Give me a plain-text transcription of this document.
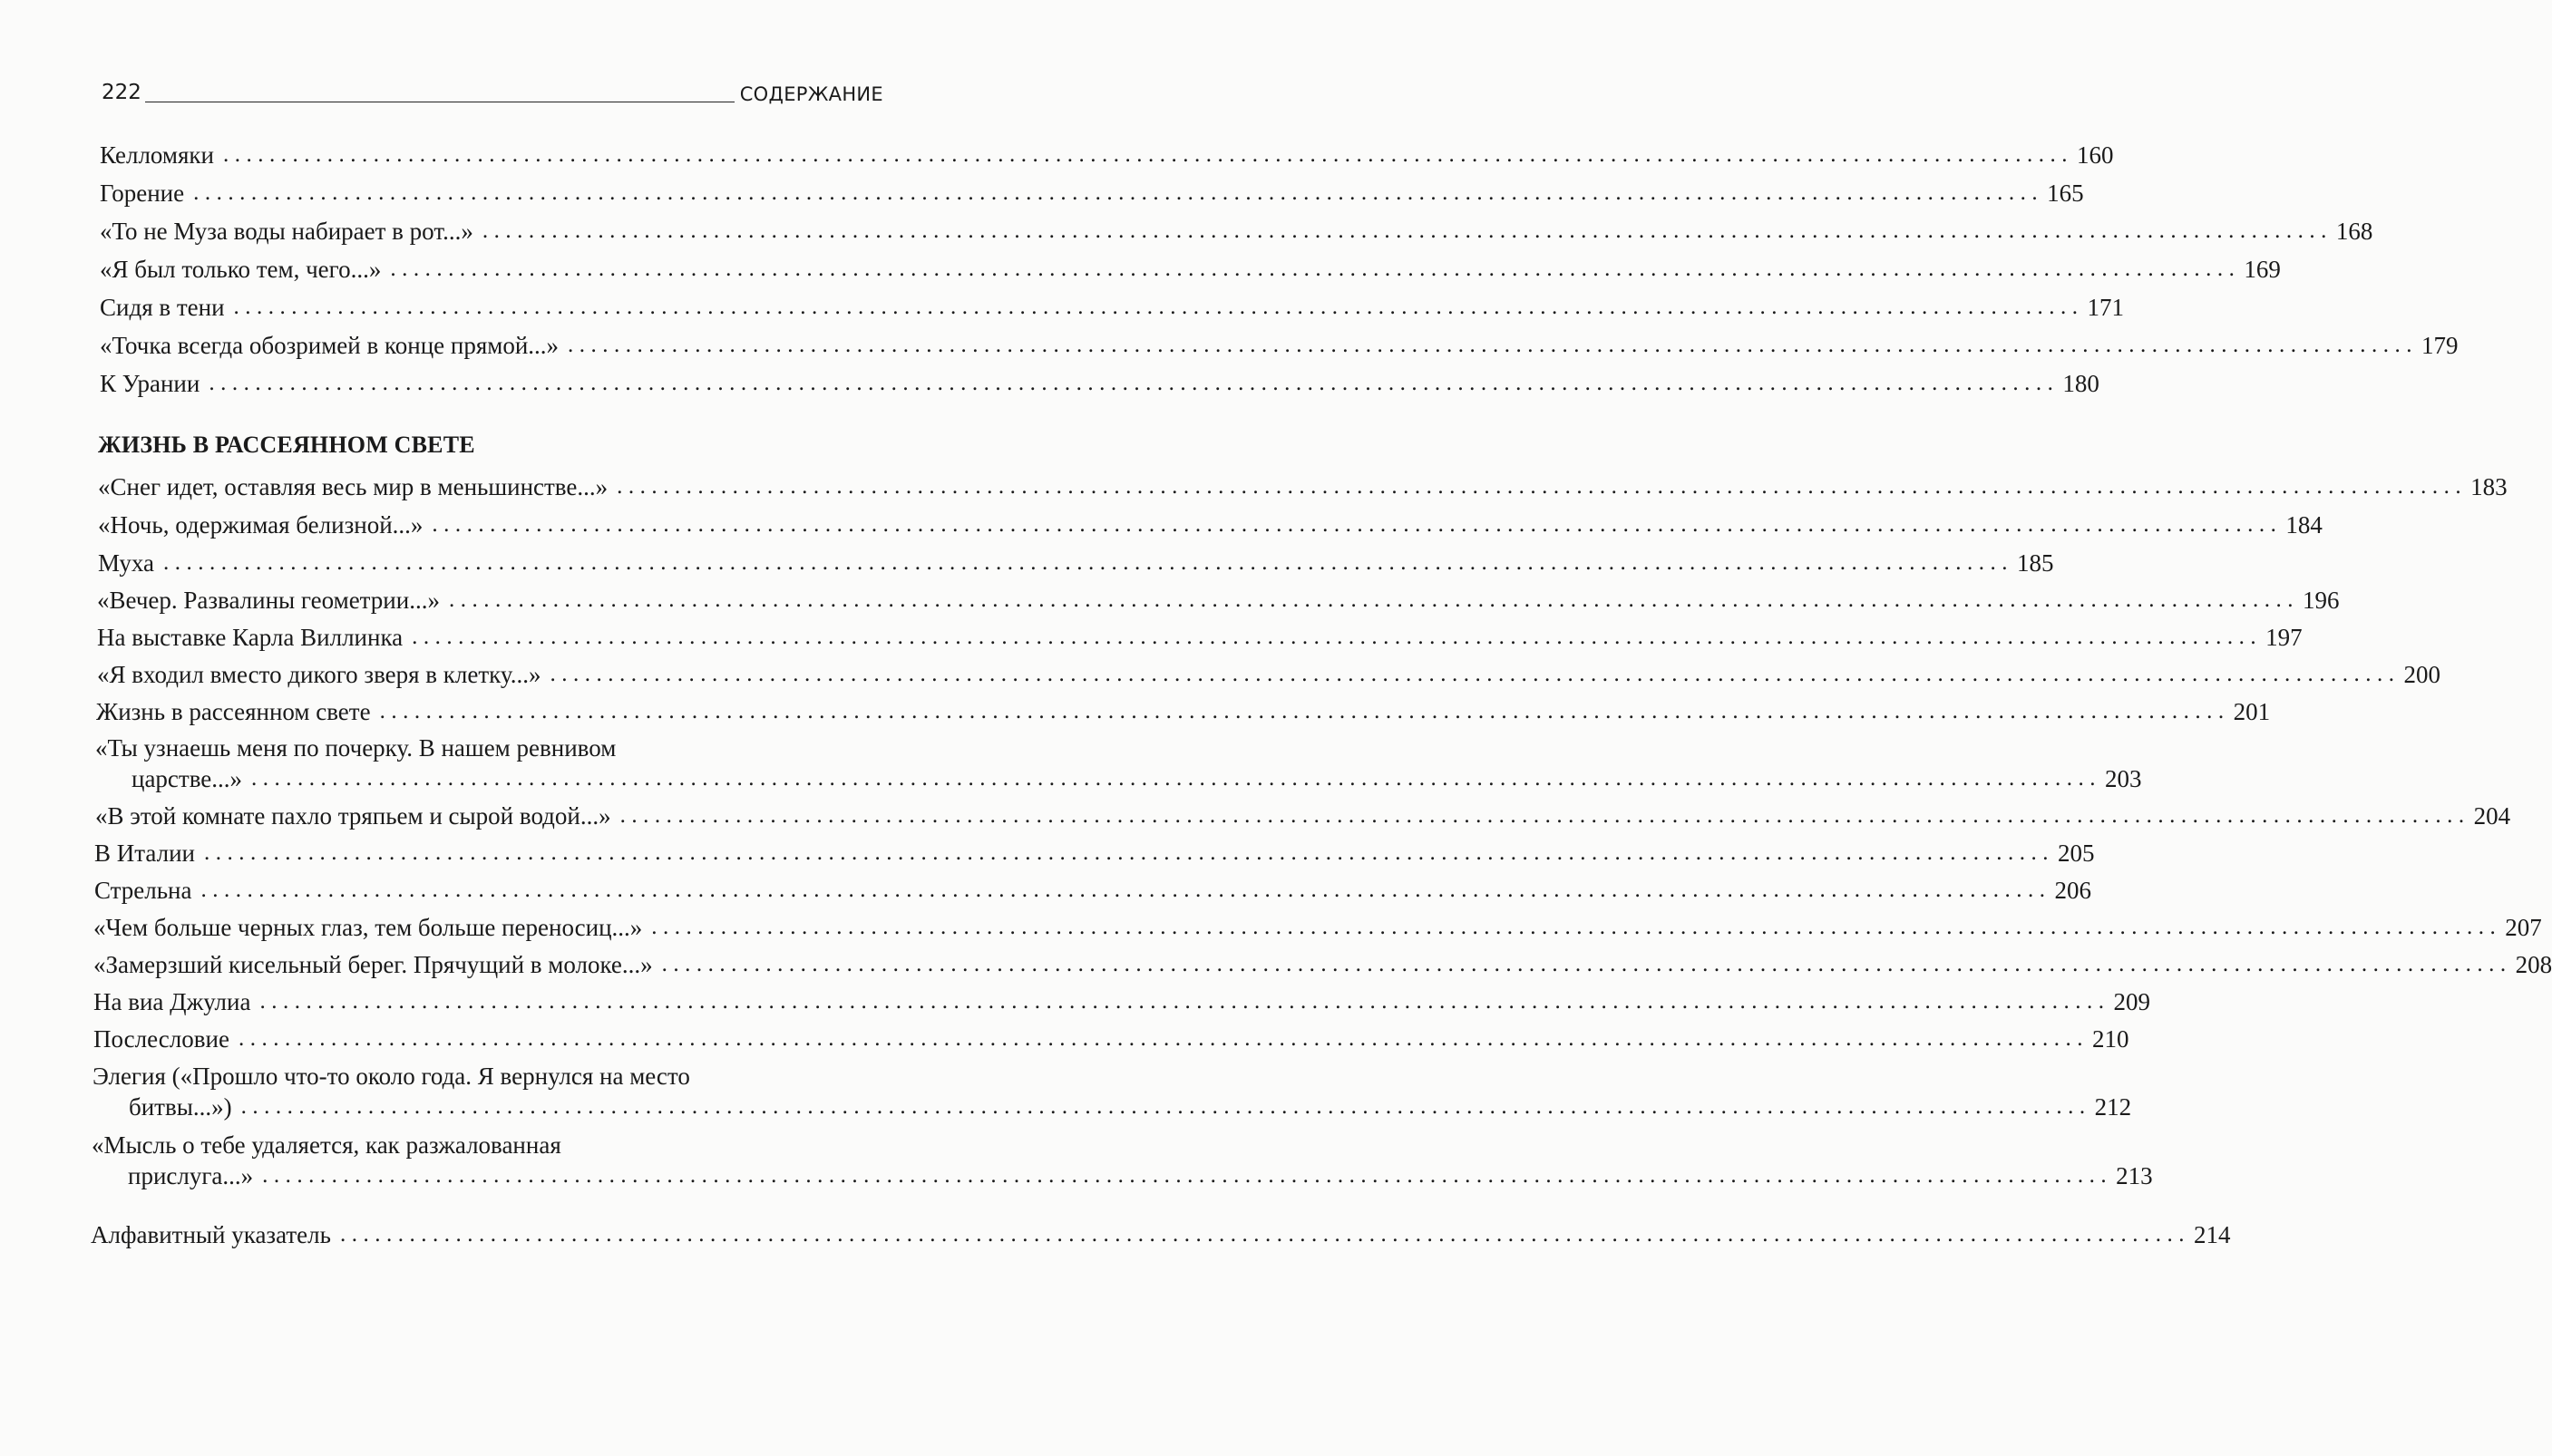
222	СОДЕРЖАНИЕ
Келломяки ................................................................................................................................................................ 160
Горение ................................................................................................................................................................ 165
«То не Муза воды набирает в рот...» ................................................................................................................................................................ 168
«Я был только тем, чего...» ................................................................................................................................................................ 169
Сидя в тени ................................................................................................................................................................ 171
«Точка всегда обозримей в конце прямой...» ................................................................................................................................................................ 179
К Урании ................................................................................................................................................................ 180
ЖИЗНЬ В РАССЕЯННОМ СВЕТЕ
«Снег идет, оставляя весь мир в меньшинстве...» ................................................................................................................................................................ 183
«Ночь, одержимая белизной...» ................................................................................................................................................................ 184
Муха ................................................................................................................................................................ 185
«Вечер. Развалины геометрии...» ................................................................................................................................................................ 196
На выставке Карла Виллинка ................................................................................................................................................................ 197
«Я входил вместо дикого зверя в клетку...» ................................................................................................................................................................ 200
Жизнь в рассеянном свете ................................................................................................................................................................ 201
«Ты узнаешь меня по почерку. В нашем ревнивом
царстве...» ................................................................................................................................................................ 203
«В этой комнате пахло тряпьем и сырой водой...» ................................................................................................................................................................ 204
В Италии ................................................................................................................................................................ 205
Стрельна ................................................................................................................................................................ 206
«Чем больше черных глаз, тем больше переносиц...» ................................................................................................................................................................ 207
«Замерзший кисельный берег. Прячущий в молоке...» ................................................................................................................................................................ 208
На виа Джулиа ................................................................................................................................................................ 209
Послесловие ................................................................................................................................................................ 210
Элегия («Прошло что-то около года. Я вернулся на место
битвы...») ................................................................................................................................................................ 212
«Мысль о тебе удаляется, как разжалованная
прислуга...» ................................................................................................................................................................ 213
Алфавитный указатель ................................................................................................................................................................ 214
